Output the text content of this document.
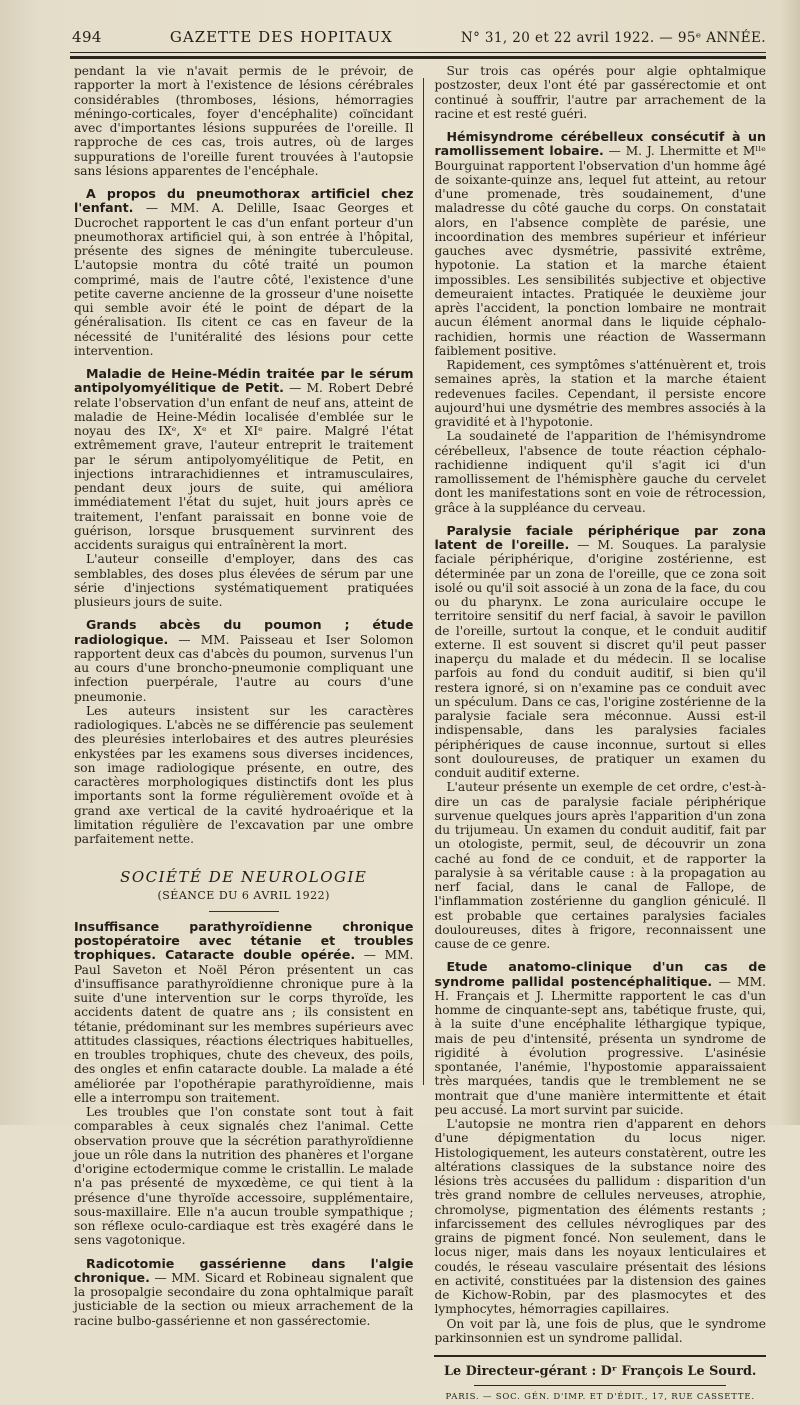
494	GAZETTE DES HOPITAUX	N° 31, 20 et 22 avril 1922. — 95ᵉ ANNÉE.

pendant la vie n'avait permis de le prévoir, de rapporter la mort à l'existence de lésions cérébrales considérables (thromboses, lésions, hémorragies méningo-corticales, foyer d'encéphalite) coïncidant avec d'importantes lésions suppurées de l'oreille. Il rapproche de ces cas, trois autres, où de larges suppurations de l'oreille furent trouvées à l'autopsie sans lésions apparentes de l'encéphale.

A propos du pneumothorax artificiel chez l'enfant. — MM. A. Delille, Isaac Georges et Ducrochet rapportent le cas d'un enfant porteur d'un pneumothorax artificiel qui, à son entrée à l'hôpital, présente des signes de méningite tuberculeuse. L'autopsie montra du côté traité un poumon comprimé, mais de l'autre côté, l'existence d'une petite caverne ancienne de la grosseur d'une noisette qui semble avoir été le point de départ de la généralisation. Ils citent ce cas en faveur de la nécessité de l'unitéralité des lésions pour cette intervention.

Maladie de Heine-Médin traitée par le sérum antipolyomyélitique de Petit. — M. Robert Debré relate l'observation d'un enfant de neuf ans, atteint de maladie de Heine-Médin localisée d'emblée sur le noyau des IXᵉ, Xᵉ et XIᵉ paire. Malgré l'état extrêmement grave, l'auteur entreprit le traitement par le sérum antipolyomyélitique de Petit, en injections intrarachidiennes et intramusculaires, pendant deux jours de suite, qui améliora immédiatement l'état du sujet, huit jours après ce traitement, l'enfant paraissait en bonne voie de guérison, lorsque brusquement survinrent des accidents suraigus qui entraînèrent la mort.

L'auteur conseille d'employer, dans des cas semblables, des doses plus élevées de sérum par une série d'injections systématiquement pratiquées plusieurs jours de suite.

Grands abcès du poumon ; étude radiologique. — MM. Paisseau et Iser Solomon rapportent deux cas d'abcès du poumon, survenus l'un au cours d'une broncho-pneumonie compliquant une infection puerpérale, l'autre au cours d'une pneumonie.

Les auteurs insistent sur les caractères radiologiques. L'abcès ne se différencie pas seulement des pleurésies interlobaires et des autres pleurésies enkystées par les examens sous diverses incidences, son image radiologique présente, en outre, des caractères morphologiques distinctifs dont les plus importants sont la forme régulièrement ovoïde et à grand axe vertical de la cavité hydroaérique et la limitation régulière de l'excavation par une ombre parfaitement nette.

SOCIÉTÉ DE NEUROLOGIE

(SÉANCE DU 6 AVRIL 1922)

Insuffisance parathyroïdienne chronique postopératoire avec tétanie et troubles trophiques. Cataracte double opérée. — MM. Paul Saveton et Noël Péron présentent un cas d'insuffisance parathyroïdienne chronique pure à la suite d'une intervention sur le corps thyroïde, les accidents datent de quatre ans ; ils consistent en tétanie, prédominant sur les membres supérieurs avec attitudes classiques, réactions électriques habituelles, en troubles trophiques, chute des cheveux, des poils, des ongles et enfin cataracte double. La malade a été améliorée par l'opothérapie parathyroïdienne, mais elle a interrompu son traitement.

Les troubles que l'on constate sont tout à fait comparables à ceux signalés chez l'animal. Cette observation prouve que la sécrétion parathyroïdienne joue un rôle dans la nutrition des phanères et l'organe d'origine ectodermique comme le cristallin. Le malade n'a pas présenté de myxœdème, ce qui tient à la présence d'une thyroïde accessoire, supplémentaire, sous-maxillaire. Elle n'a aucun trouble sympathique ; son réflexe oculo-cardiaque est très exagéré dans le sens vagotonique.

Radicotomie gassérienne dans l'algie chronique. — MM. Sicard et Robineau signalent que la prosopalgie secondaire du zona ophtalmique paraît justiciable de la section ou mieux arrachement de la racine bulbo-gassérienne et non gassérectomie.

Sur trois cas opérés pour algie ophtalmique postzoster, deux l'ont été par gassérectomie et ont continué à souffrir, l'autre par arrachement de la racine et est resté guéri.

Hémisyndrome cérébelleux consécutif à un ramollissement lobaire. — M. J. Lhermitte et Mˡˡᵉ Bourguinat rapportent l'observation d'un homme âgé de soixante-quinze ans, lequel fut atteint, au retour d'une promenade, très soudainement, d'une maladresse du côté gauche du corps. On constatait alors, en l'absence complète de parésie, une incoordination des membres supérieur et inférieur gauches avec dysmétrie, passivité extrême, hypotonie. La station et la marche étaient impossibles. Les sensibilités subjective et objective demeuraient intactes. Pratiquée le deuxième jour après l'accident, la ponction lombaire ne montrait aucun élément anormal dans le liquide céphalo-rachidien, hormis une réaction de Wassermann faiblement positive.

Rapidement, ces symptômes s'atténuèrent et, trois semaines après, la station et la marche étaient redevenues faciles. Cependant, il persiste encore aujourd'hui une dysmétrie des membres associés à la gravidité et à l'hypotonie.

La soudaineté de l'apparition de l'hémisyndrome cérébelleux, l'absence de toute réaction céphalo-rachidienne indiquent qu'il s'agit ici d'un ramollissement de l'hémisphère gauche du cervelet dont les manifestations sont en voie de rétrocession, grâce à la suppléance du cerveau.

Paralysie faciale périphérique par zona latent de l'oreille. — M. Souques. La paralysie faciale périphérique, d'origine zostérienne, est déterminée par un zona de l'oreille, que ce zona soit isolé ou qu'il soit associé à un zona de la face, du cou ou du pharynx. Le zona auriculaire occupe le territoire sensitif du nerf facial, à savoir le pavillon de l'oreille, surtout la conque, et le conduit auditif externe. Il est souvent si discret qu'il peut passer inaperçu du malade et du médecin. Il se localise parfois au fond du conduit auditif, si bien qu'il restera ignoré, si on n'examine pas ce conduit avec un spéculum. Dans ce cas, l'origine zostérienne de la paralysie faciale sera méconnue. Aussi est-il indispensable, dans les paralysies faciales périphériques de cause inconnue, surtout si elles sont douloureuses, de pratiquer un examen du conduit auditif externe.

L'auteur présente un exemple de cet ordre, c'est-à-dire un cas de paralysie faciale périphérique survenue quelques jours après l'apparition d'un zona du trijumeau. Un examen du conduit auditif, fait par un otologiste, permit, seul, de découvrir un zona caché au fond de ce conduit, et de rapporter la paralysie à sa véritable cause : à la propagation au nerf facial, dans le canal de Fallope, de l'inflammation zostérienne du ganglion géniculé. Il est probable que certaines paralysies faciales douloureuses, dites à frigore, reconnaissent une cause de ce genre.

Etude anatomo-clinique d'un cas de syndrome pallidal postencéphalitique. — MM. H. Français et J. Lhermitte rapportent le cas d'un homme de cinquante-sept ans, tabétique fruste, qui, à la suite d'une encéphalite léthargique typique, mais de peu d'intensité, présenta un syndrome de rigidité à évolution progressive. L'asinésie spontanée, l'anémie, l'hypostomie apparaissaient très marquées, tandis que le tremblement ne se montrait que d'une manière intermittente et était peu accusé. La mort survint par suicide.

L'autopsie ne montra rien d'apparent en dehors d'une dépigmentation du locus niger. Histologiquement, les auteurs constatèrent, outre les altérations classiques de la substance noire des lésions très accusées du pallidum : disparition d'un très grand nombre de cellules nerveuses, atrophie, chromolyse, pigmentation des éléments restants ; infarcissement des cellules névrogliques par des grains de pigment foncé. Non seulement, dans le locus niger, mais dans les noyaux lenticulaires et coudés, le réseau vasculaire présentait des lésions en activité, constituées par la distension des gaines de Kichow-Robin, par des plasmocytes et des lymphocytes, hémorragies capillaires.

On voit par là, une fois de plus, que le syndrome parkinsonnien est un syndrome pallidal.

Le Directeur-gérant : Dʳ François Le Sourd.
PARIS. — SOC. GÉN. D'IMP. ET D'ÉDIT., 17, RUE CASSETTE.
